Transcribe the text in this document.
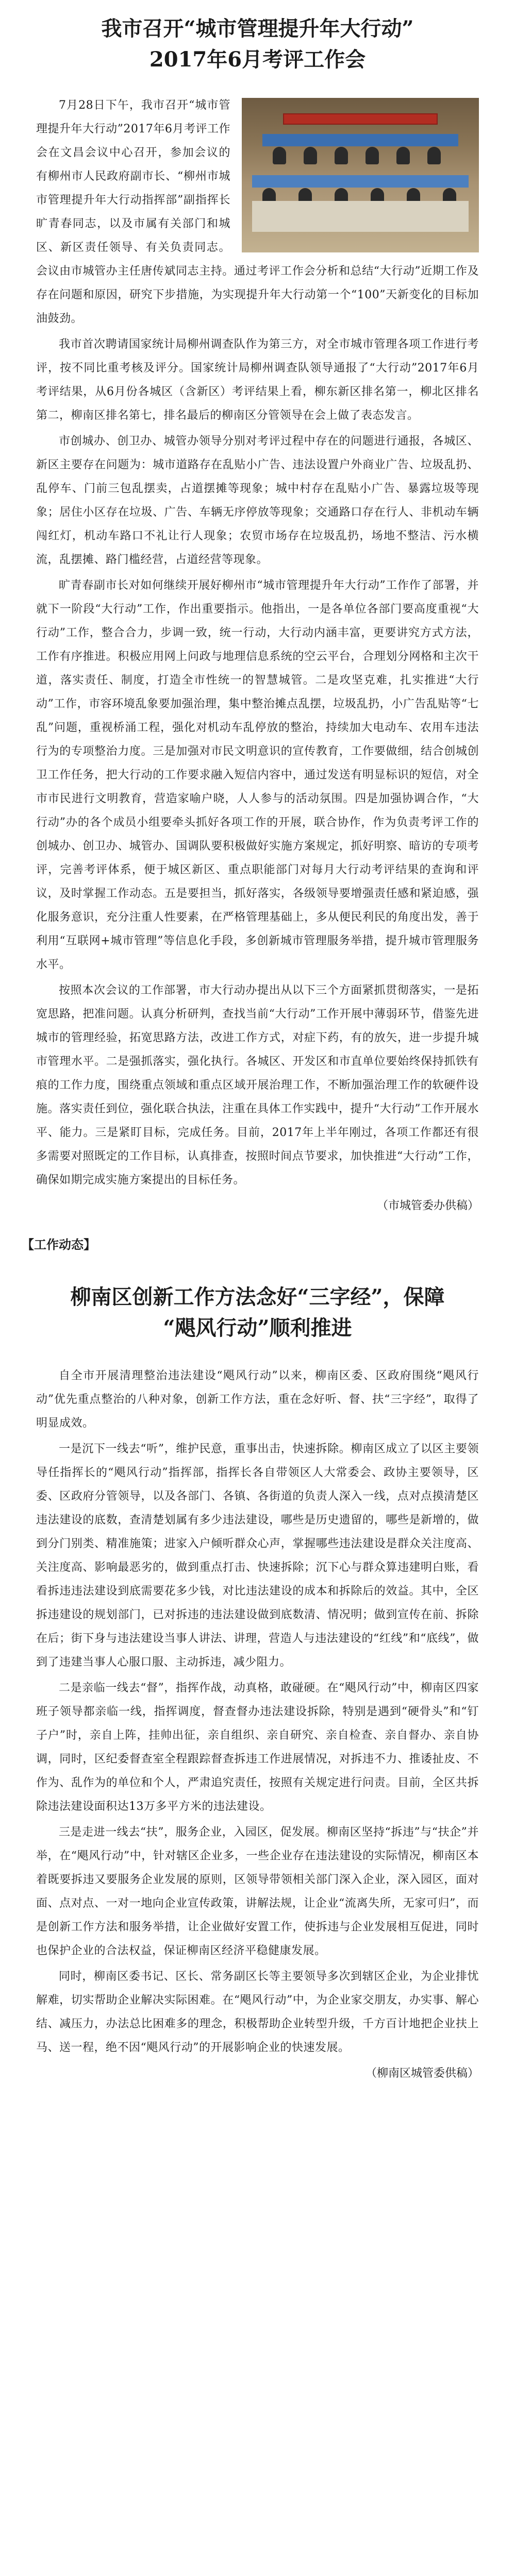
我市召开“城市管理提升年大行动”
2017年6月考评工作会

7月28日下午，我市召开“城市管理提升年大行动”2017年6月考评工作会在文昌会议中心召开，参加会议的有柳州市人民政府副市长、“柳州市城市管理提升年大行动指挥部”副指挥长旷青春同志，以及市属有关部门和城区、新区责任领导、有关负责同志。会议由市城管办主任唐传斌同志主持。通过考评工作会分析和总结“大行动”近期工作及存在问题和原因，研究下步措施，为实现提升年大行动第一个“100”天新变化的目标加油鼓劲。

我市首次聘请国家统计局柳州调查队作为第三方，对全市城市管理各项工作进行考评，按不同比重考核及评分。国家统计局柳州调查队领导通报了“大行动”2017年6月考评结果，从6月份各城区（含新区）考评结果上看，柳东新区排名第一，柳北区排名第二，柳南区排名第七，排名最后的柳南区分管领导在会上做了表态发言。

市创城办、创卫办、城管办领导分别对考评过程中存在的问题进行通报，各城区、新区主要存在问题为：城市道路存在乱贴小广告、违法设置户外商业广告、垃圾乱扔、乱停车、门前三包乱摆卖，占道摆摊等现象；城中村存在乱贴小广告、暴露垃圾等现象；居住小区存在垃圾、广告、车辆无序停放等现象；交通路口存在行人、非机动车辆闯红灯，机动车路口不礼让行人现象；农贸市场存在垃圾乱扔，场地不整洁、污水横流，乱摆摊、路门槛经营，占道经营等现象。

旷青春副市长对如何继续开展好柳州市“城市管理提升年大行动”工作作了部署，并就下一阶段“大行动”工作，作出重要指示。他指出，一是各单位各部门要高度重视“大行动”工作，整合合力，步调一致，统一行动，大行动内涵丰富，更要讲究方式方法，工作有序推进。积极应用网上问政与地理信息系统的空云平台，合理划分网格和主次干道，落实责任、制度，打造全市性统一的智慧城管。二是攻坚克难，扎实推进“大行动”工作，市容环境乱象要加强治理，集中整治摊点乱摆，垃圾乱扔，小广告乱贴等“七乱”问题，重视桥涌工程，强化对机动车乱停放的整治，持续加大电动车、农用车违法行为的专项整治力度。三是加强对市民文明意识的宣传教育，工作要做细，结合创城创卫工作任务，把大行动的工作要求融入短信内容中，通过发送有明显标识的短信，对全市市民进行文明教育，营造家喻户晓，人人参与的活动氛围。四是加强协调合作，“大行动”办的各个成员小组要牵头抓好各项工作的开展，联合协作，作为负责考评工作的创城办、创卫办、城管办、国调队要积极做好实施方案规定，抓好明察、暗访的专项考评，完善考评体系，便于城区新区、重点职能部门对每月大行动考评结果的查询和评议，及时掌握工作动态。五是要担当，抓好落实，各级领导要增强责任感和紧迫感，强化服务意识，充分注重人性要素，在严格管理基础上，多从便民利民的角度出发，善于利用“互联网+城市管理”等信息化手段，多创新城市管理服务举措，提升城市管理服务水平。

按照本次会议的工作部署，市大行动办提出从以下三个方面紧抓贯彻落实，一是拓宽思路，把准问题。认真分析研判，查找当前“大行动”工作开展中薄弱环节，借鉴先进城市的管理经验，拓宽思路方法，改进工作方式，对症下药，有的放矢，进一步提升城市管理水平。二是强抓落实，强化执行。各城区、开发区和市直单位要始终保持抓铁有痕的工作力度，围绕重点领域和重点区域开展治理工作，不断加强治理工作的软硬件设施。落实责任到位，强化联合执法，注重在具体工作实践中，提升“大行动”工作开展水平、能力。三是紧盯目标，完成任务。目前，2017年上半年刚过，各项工作都还有很多需要对照既定的工作目标，认真排查，按照时间点节要求，加快推进“大行动”工作，确保如期完成实施方案提出的目标任务。

（市城管委办供稿）

【工作动态】
柳南区创新工作方法念好“三字经”，保障
“飓风行动”顺利推进

自全市开展清理整治违法建设“飓风行动”以来，柳南区委、区政府围绕“飓风行动”优先重点整治的八种对象，创新工作方法，重在念好听、督、扶“三字经”，取得了明显成效。

一是沉下一线去“听”，维护民意，重事出击，快速拆除。柳南区成立了以区主要领导任指挥长的“飓风行动”指挥部，指挥长各自带领区人大常委会、政协主要领导，区委、区政府分管领导，以及各部门、各镇、各街道的负责人深入一线，点对点摸清楚区违法建设的底数，查清楚划属有多少违法建设，哪些是历史遗留的，哪些是新增的，做到分门别类、精准施策；进家入户倾听群众心声，掌握哪些违法建设是群众关注度高、关注度高、影响最恶劣的，做到重点打击、快速拆除；沉下心与群众算违建明白账，看看拆违违法建设到底需要花多少钱，对比违法建设的成本和拆除后的效益。其中，全区拆违建设的规划部门，已对拆违的违法建设做到底数清、情况明；做到宣传在前、拆除在后；街下身与违法建设当事人讲法、讲理，营造人与违法建设的“红线”和“底线”，做到了违建当事人心服口服、主动拆违，减少阻力。

二是亲临一线去“督”，指挥作战，动真格，敢碰硬。在“飓风行动”中，柳南区四家班子领导都亲临一线，指挥调度，督查督办违法建设拆除，特别是遇到“硬骨头”和“钉子户”时，亲自上阵，挂帅出征，亲自组织、亲自研究、亲自检查、亲自督办、亲自协调，同时，区纪委督查室全程跟踪督查拆违工作进展情况，对拆违不力、推诿扯皮、不作为、乱作为的单位和个人，严肃追究责任，按照有关规定进行问责。目前，全区共拆除违法建设面积达13万多平方米的违法建设。

三是走进一线去“扶”，服务企业，入园区，促发展。柳南区坚持“拆违”与“扶企”并举，在“飓风行动”中，针对辖区企业多，一些企业存在违法建设的实际情况，柳南区本着既要拆违又要服务企业发展的原则，区领导带领相关部门深入企业，深入园区，面对面、点对点、一对一地向企业宣传政策，讲解法规，让企业“流离失所，无家可归”，而是创新工作方法和服务举措，让企业做好安置工作，使拆违与企业发展相互促进，同时也保护企业的合法权益，保证柳南区经济平稳健康发展。

同时，柳南区委书记、区长、常务副区长等主要领导多次到辖区企业，为企业排忧解难，切实帮助企业解决实际困难。在“飓风行动”中，为企业家交朋友，办实事、解心结、减压力，办法总比困难多的理念，积极帮助企业转型升级，千方百计地把企业扶上马、送一程，绝不因“飓风行动”的开展影响企业的快速发展。

（柳南区城管委供稿）
